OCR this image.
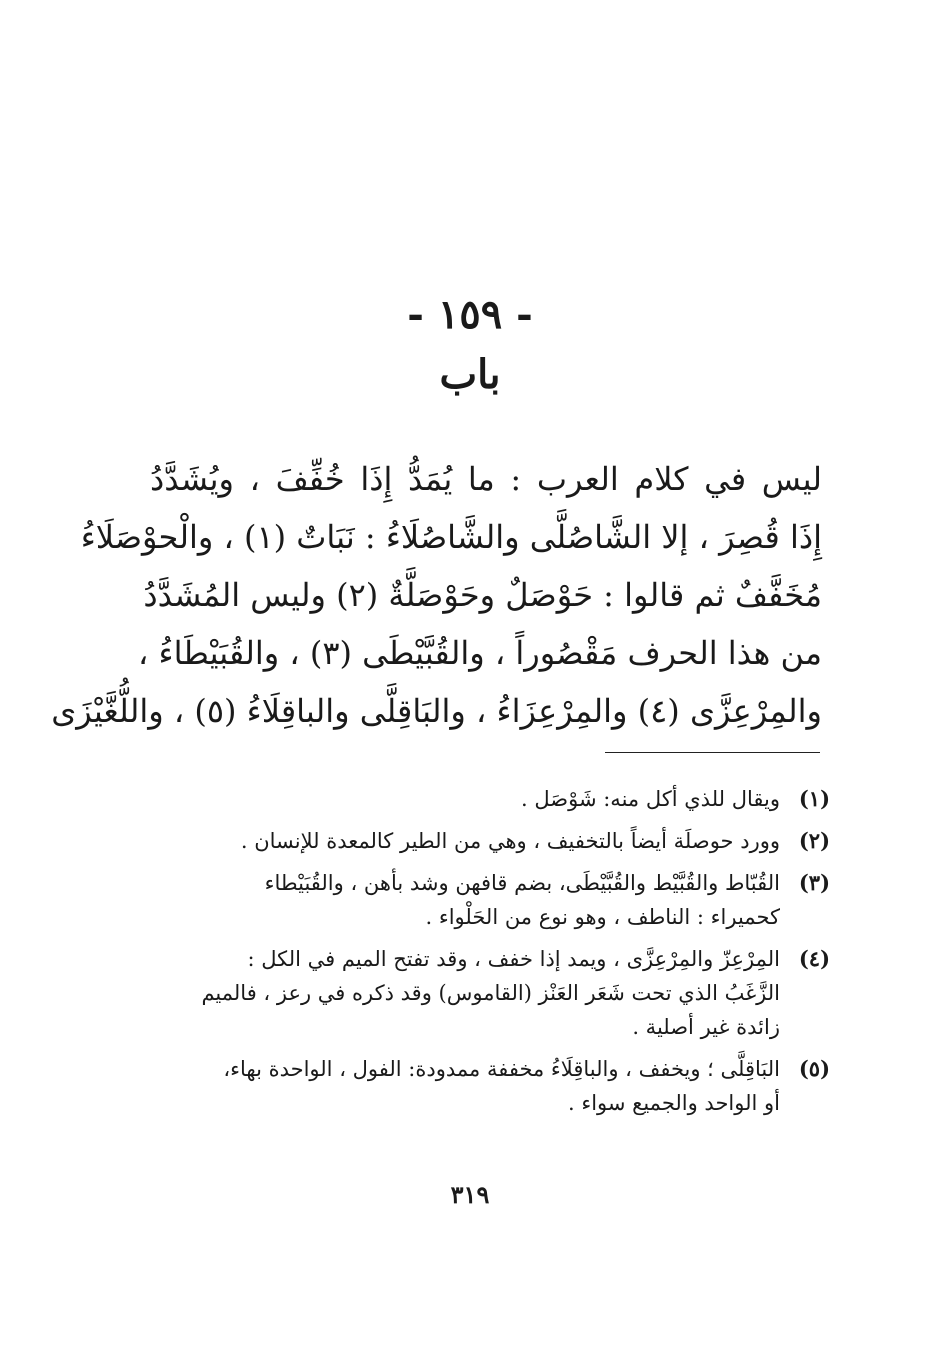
- ١٥٩ -
باب
ليس في كلام العرب : ما يُمَدُّ إِذَا خُفِّفَ ، ويُشَدَّدُ
إِذَا قُصِرَ ، إلا الشَّاصُلَّى والشَّاصُلَاءُ : نَبَاتٌ (١) ، والْحوْصَلَاءُ
مُخَفَّفٌ ثم قالوا : حَوْصَلٌ وحَوْصَلَّةٌ (٢) وليس المُشَدَّدُ
من هذا الحرف مَقْصُوراً ، والقُبَّيْطَى (٣) ، والقُبَيْطَاءُ ،
والمِرْعِزَّى (٤) والمِرْعِزَاءُ ، والبَاقِلَّى والباقِلَاءُ (٥) ، واللُّغَّيْزَى
(١)
ويقال للذي أكل منه: شَوْصَل .
(٢)
وورد حوصلَة أيضاً بالتخفيف ، وهي من الطير كالمعدة للإنسان .
(٣)
القُبّاط والقُبَّيْط والقُبَّيْطَى، بضم قافهن وشد بأهن ، والقُبَيْطاء
كحميراء : الناطف ، وهو نوع من الحَلْواء .
(٤)
المِرْعِزّ والمِرْعِزَّى ، ويمد إذا خفف ، وقد تفتح الميم في الكل :
الزَّغَبُ الذي تحت شَعَر العَنْز (القاموس) وقد ذكره في رعز ، فالميم
زائدة غير أصلية .
(٥)
البَاقِلَّى ؛ ويخفف ، والباقِلَاءُ مخففة ممدودة: الفول ، الواحدة بهاء،
أو الواحد والجميع سواء .
٣١٩
